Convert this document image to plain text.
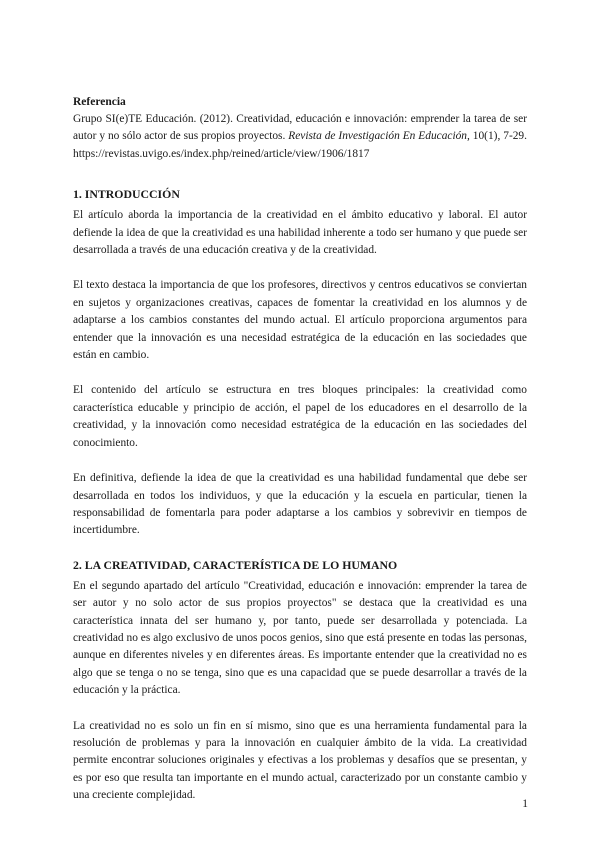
Referencia

Grupo SI(e)TE Educación. (2012). Creatividad, educación e innovación: emprender la tarea de ser autor y no sólo actor de sus propios proyectos. Revista de Investigación En Educación, 10(1), 7-29. https://revistas.uvigo.es/index.php/reined/article/view/1906/1817

1. INTRODUCCIÓN

El artículo aborda la importancia de la creatividad en el ámbito educativo y laboral. El autor defiende la idea de que la creatividad es una habilidad inherente a todo ser humano y que puede ser desarrollada a través de una educación creativa y de la creatividad.

El texto destaca la importancia de que los profesores, directivos y centros educativos se conviertan en sujetos y organizaciones creativas, capaces de fomentar la creatividad en los alumnos y de adaptarse a los cambios constantes del mundo actual. El artículo proporciona argumentos para entender que la innovación es una necesidad estratégica de la educación en las sociedades que están en cambio.

El contenido del artículo se estructura en tres bloques principales: la creatividad como característica educable y principio de acción, el papel de los educadores en el desarrollo de la creatividad, y la innovación como necesidad estratégica de la educación en las sociedades del conocimiento.

En definitiva, defiende la idea de que la creatividad es una habilidad fundamental que debe ser desarrollada en todos los individuos, y que la educación y la escuela en particular, tienen la responsabilidad de fomentarla para poder adaptarse a los cambios y sobrevivir en tiempos de incertidumbre.

2. LA CREATIVIDAD, CARACTERÍSTICA DE LO HUMANO

En el segundo apartado del artículo "Creatividad, educación e innovación: emprender la tarea de ser autor y no solo actor de sus propios proyectos" se destaca que la creatividad es una característica innata del ser humano y, por tanto, puede ser desarrollada y potenciada. La creatividad no es algo exclusivo de unos pocos genios, sino que está presente en todas las personas, aunque en diferentes niveles y en diferentes áreas. Es importante entender que la creatividad no es algo que se tenga o no se tenga, sino que es una capacidad que se puede desarrollar a través de la educación y la práctica.

La creatividad no es solo un fin en sí mismo, sino que es una herramienta fundamental para la resolución de problemas y para la innovación en cualquier ámbito de la vida. La creatividad permite encontrar soluciones originales y efectivas a los problemas y desafíos que se presentan, y es por eso que resulta tan importante en el mundo actual, caracterizado por un constante cambio y una creciente complejidad.

1
